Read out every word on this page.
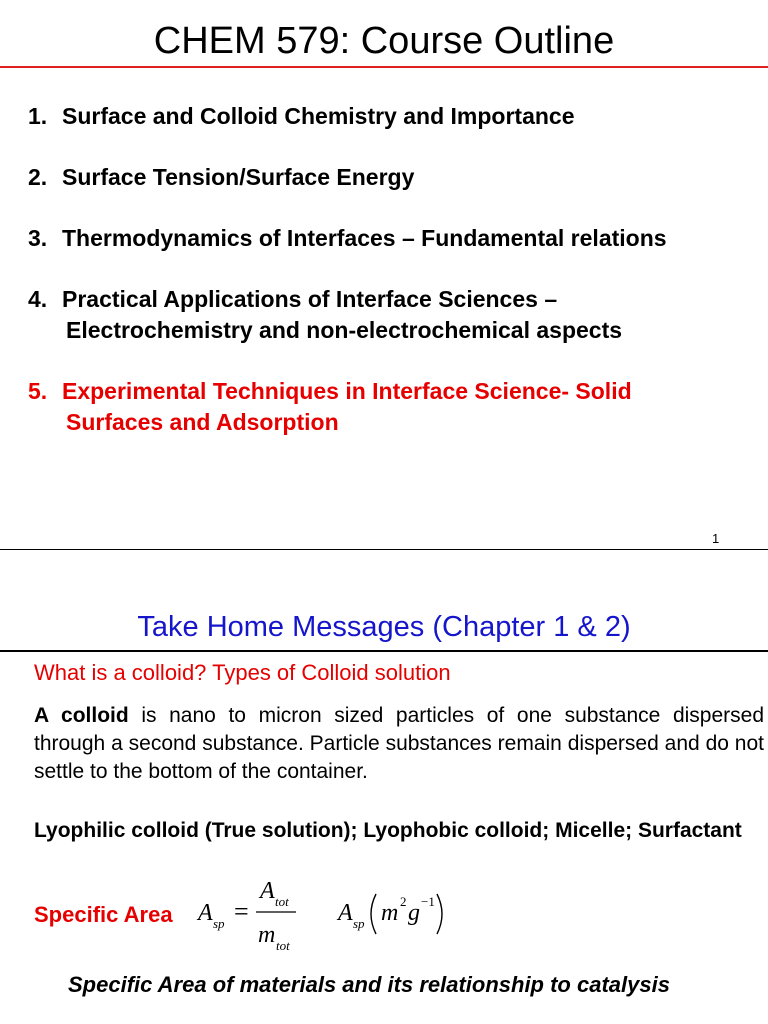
CHEM 579: Course Outline
1. Surface and Colloid Chemistry and Importance
2. Surface Tension/Surface Energy
3. Thermodynamics of Interfaces – Fundamental relations
4. Practical Applications of Interface Sciences –
Electrochemistry and non-electrochemical aspects
5. Experimental Techniques in Interface Science- Solid
Surfaces and Adsorption
1
Take Home Messages (Chapter 1 & 2)
What is a colloid? Types of Colloid solution
A colloid is nano to micron sized particles of one substance dispersed through a second substance. Particle substances remain dispersed and do not settle to the bottom of the container.
Lyophilic colloid (True solution); Lyophobic colloid; Micelle; Surfactant
Specific Area A sp =
A tot
m tot
A sp m 2 g −1
Specific Area of materials and its relationship to catalysis
